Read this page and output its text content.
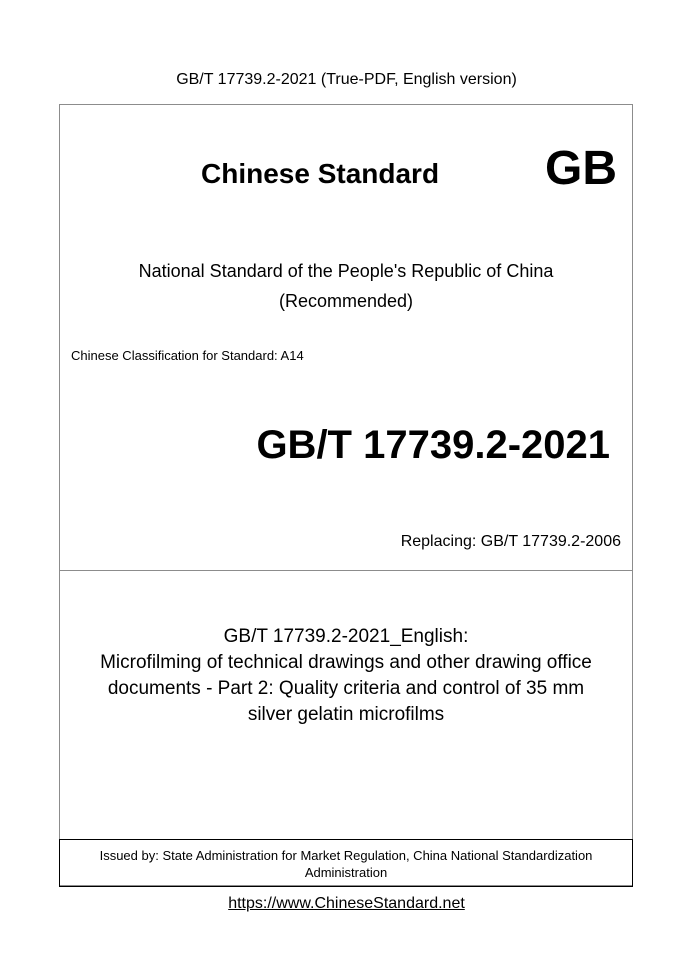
GB/T 17739.2-2021 (True-PDF, English version)
Chinese Standard GB
National Standard of the People's Republic of China
(Recommended)
Chinese Classification for Standard: A14
GB/T 17739.2-2021
Replacing: GB/T 17739.2-2006
GB/T 17739.2-2021_English:
Microfilming of technical drawings and other drawing office
documents - Part 2: Quality criteria and control of 35 mm
silver gelatin microfilms
Issued by: State Administration for Market Regulation, China National Standardization
Administration
https://www.ChineseStandard.net
